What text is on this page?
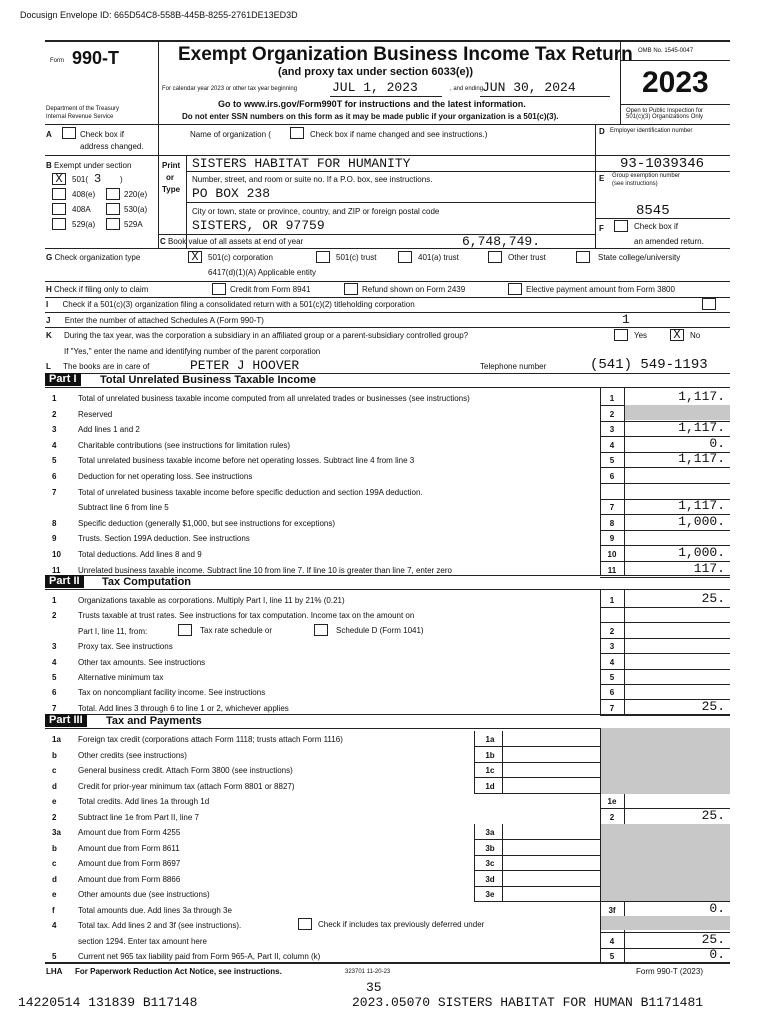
Docusign Envelope ID: 665D54C8-558B-445B-8255-2761DE13ED3D
Form 990-T	Exempt Organization Business Income Tax Return
(and proxy tax under section 6033(e))
For calendar year 2023 or other tax year beginning	JUL 1, 2023	, and ending
JUN 30, 2024
Go to www.irs.gov/Form990T for instructions and the latest information.
Do not enter SSN numbers on this form as it may be made public if your organization is a 501(c)(3).
Department of the Treasury
Internal Revenue Service
OMB No. 1545-0047
2023
Open to Public Inspection for
501(c)(3) Organizations Only
A	Check box if
address changed.
Name of organization (	Check box if name changed and see instructions.)	D Employer identification number
B Exempt under section
X	501( 3 )
408(e)	220(e)
408A	530(a)
529(a)	529A
Print
or
Type
SISTERS HABITAT FOR HUMANITY
Number, street, and room or suite no. If a P.O. box, see instructions.
PO BOX 238
City or town, state or province, country, and ZIP or foreign postal code
SISTERS, OR 97759
93-1039346
E Group exemption number
(see instructions)
8545
F	Check box if
an amended return.
C Book value of all assets at end of year	6,748,749.
G Check organization type	X	501(c) corporation	501(c) trust	401(a) trust	Other trust	State college/university
6417(d)(1)(A) Applicable entity
H Check if filing only to claim	Credit from Form 8941	Refund shown on Form 2439	Elective payment amount from Form 3800
I Check if a 501(c)(3) organization filing a consolidated return with a 501(c)(2) titleholding corporation
J Enter the number of attached Schedules A (Form 990-T)	1
K During the tax year, was the corporation a subsidiary in an affiliated group or a parent-subsidiary controlled group?	Yes X	No
If "Yes," enter the name and identifying number of the parent corporation
L The books are in care of	PETER J HOOVER	Telephone number	(541) 549-1193
Part I	Total Unrelated Business Taxable Income
1	Total of unrelated business taxable income computed from all unrelated trades or businesses (see instructions)	1	1,117.
2	Reserved	2
3	Add lines 1 and 2	3	1,117.
4	Charitable contributions (see instructions for limitation rules)	4	0.
5	Total unrelated business taxable income before net operating losses. Subtract line 4 from line 3	5	1,117.
6	Deduction for net operating loss. See instructions	6
7	Total of unrelated business taxable income before specific deduction and section 199A deduction.
Subtract line 6 from line 5	7	1,117.
8	Specific deduction (generally $1,000, but see instructions for exceptions)	8	1,000.
9	Trusts. Section 199A deduction. See instructions	9
10 Total deductions. Add lines 8 and 9	10	1,000.
11 Unrelated business taxable income. Subtract line 10 from line 7. If line 10 is greater than line 7, enter zero	11	117.
Part II	Tax Computation
1	Organizations taxable as corporations. Multiply Part I, line 11 by 21% (0.21)	1	25.
2	Trusts taxable at trust rates. See instructions for tax computation. Income tax on the amount on
Part I, line 11, from:	2
3	Proxy tax. See instructions	3
4	Other tax amounts. See instructions	4
5	Alternative minimum tax	5
6	Tax on noncompliant facility income. See instructions	6
7	Total. Add lines 3 through 6 to line 1 or 2, whichever applies	7	25.
Tax rate schedule or	Schedule D (Form 1041)
Part III	Tax and Payments
1a Foreign tax credit (corporations attach Form 1118; trusts attach Form 1116)	1a
b	Other credits (see instructions)	1b
c	General business credit. Attach Form 3800 (see instructions)	1c
d	Credit for prior-year minimum tax (attach Form 8801 or 8827)	1d
e	Total credits. Add lines 1a through 1d	1e
2	Subtract line 1e from Part II, line 7	2	25.
3a Amount due from Form 4255	3a
b	Amount due from Form 8611	3b
c	Amount due from Form 8697	3c
d	Amount due from Form 8866	3d
e	Other amounts due (see instructions)	3e
f	Total amounts due. Add lines 3a through 3e	3f	0.
4	Total tax. Add lines 2 and 3f (see instructions).
section 1294. Enter tax amount here	4	25.
5	Current net 965 tax liability paid from Form 965-A, Part II, column (k)	5	0.
Check if includes tax previously deferred under
LHA For Paperwork Reduction Act Notice, see instructions.	323701 11-20-23	Form 990-T (2023)
35
14220514 131839 B117148	2023.05070 SISTERS HABITAT FOR HUMAN B1171481
